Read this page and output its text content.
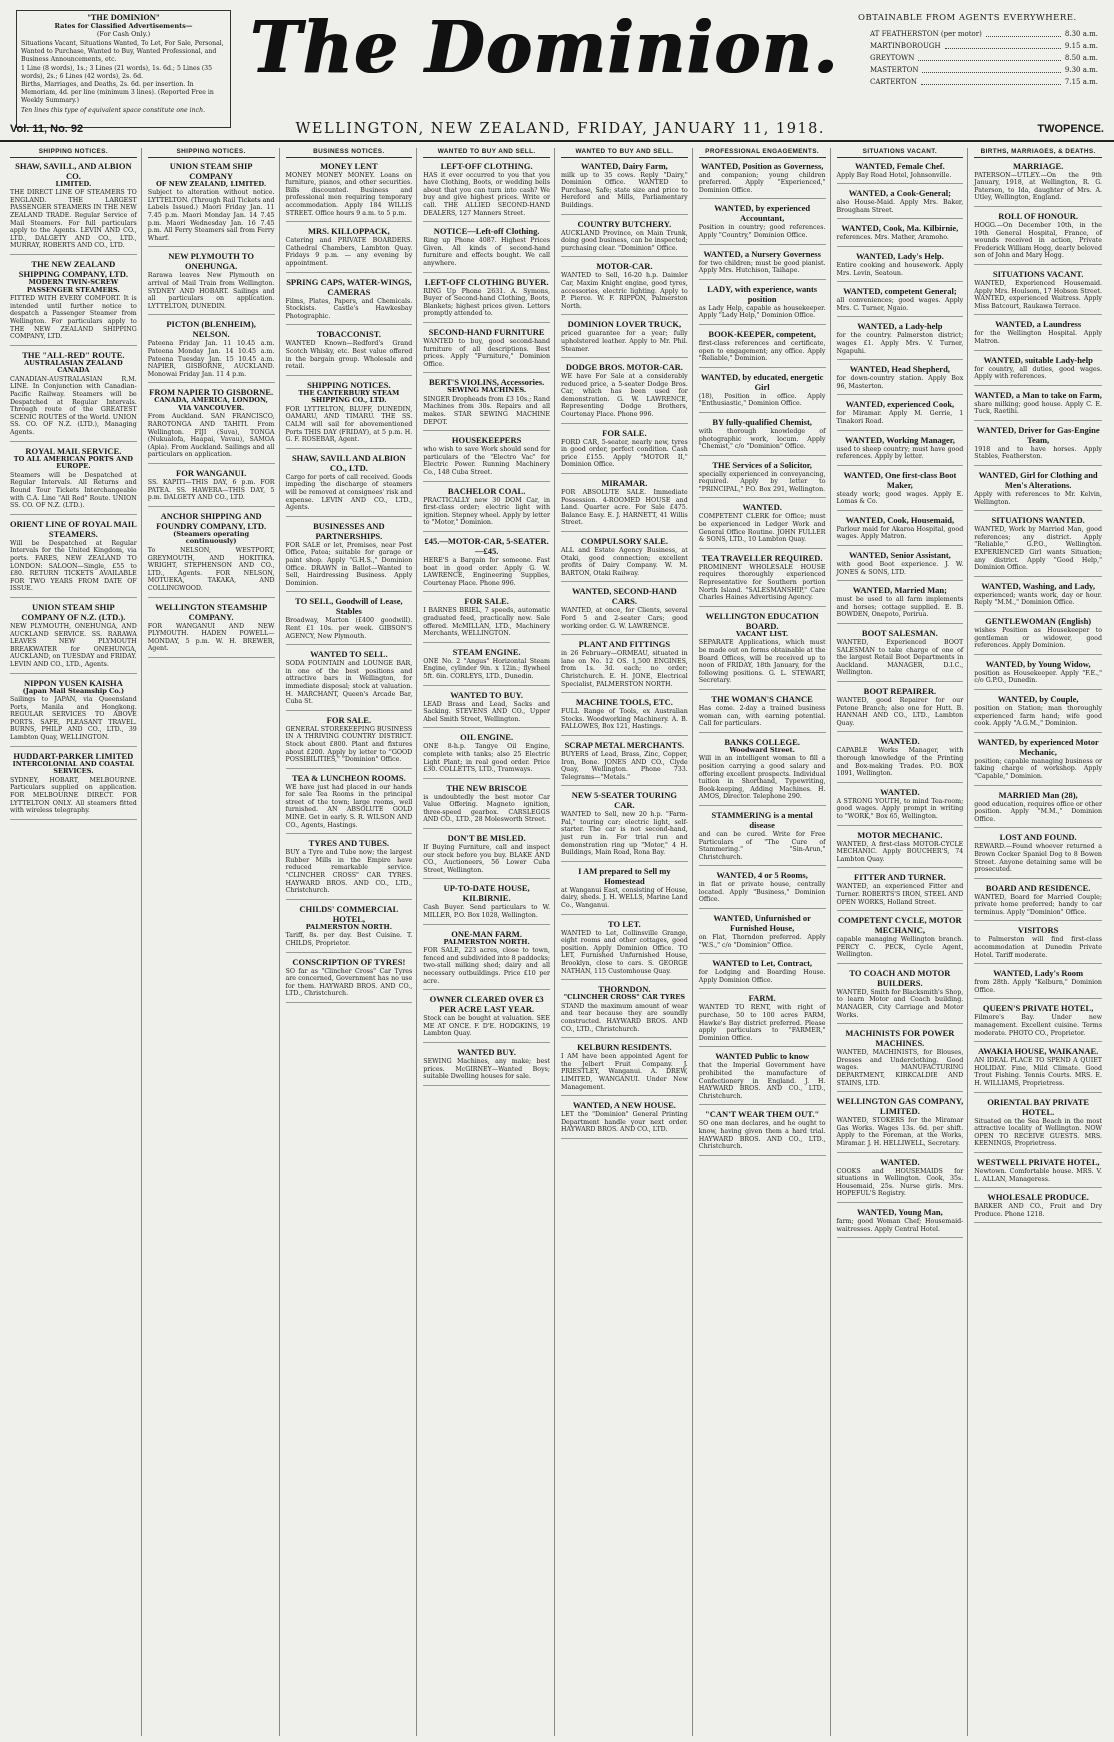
"THE DOMINION"
Rates for Classified Advertisements—
(For Cash Only.)

Situations Vacant, Situations Wanted, To Let, For Sale, Personal, Wanted to Purchase, Wanted to Buy, Wanted Professional, and Business Announcements, etc.

1 Line (8 words), 1s.; 3 Lines (21 words), 1s. 6d.; 5 Lines (35 words), 2s.; 6 Lines (42 words), 2s. 6d.

Births, Marriages, and Deaths, 2s. 6d. per insertion. In Memoriam, 4d. per line (minimum 3 lines). (Reported Free in Weekly Summary.)

Ten lines this type of equivalent space constitute one inch.

The Dominion.	OBTAINABLE FROM AGENTS EVERYWHERE.
AT FEATHERSTON (per motor)	8.30 a.m.
MARTINBOROUGH	9.15 a.m.
GREYTOWN	8.50 a.m.
MASTERTON	9.30 a.m.
CARTERTON	7.15 a.m.
Vol. 11, No. 92	WELLINGTON, NEW ZEALAND, FRIDAY, JANUARY 11, 1918.	TWOPENCE.
SHIPPING NOTICES.
SHAW, SAVILL, AND ALBION CO.
LIMITED.

THE DIRECT LINE OF STEAMERS TO ENGLAND. THE LARGEST PASSENGER STEAMERS IN THE NEW ZEALAND TRADE. Regular Service of Mail Steamers. For full particulars apply to the Agents. LEVIN AND CO., LTD., DALGETY AND CO., LTD., MURRAY, ROBERTS AND CO., LTD.

THE NEW ZEALAND SHIPPING COMPANY, LTD.
MODERN TWIN-SCREW PASSENGER STEAMERS.

FITTED WITH EVERY COMFORT. It is intended until further notice to despatch a Passenger Steamer from Wellington. For particulars apply to THE NEW ZEALAND SHIPPING COMPANY, LTD.

THE "ALL-RED" ROUTE.
AUSTRALASIAN ZEALAND CANADA

CANADIAN-AUSTRALASIAN R.M. LINE. In Conjunction with Canadian-Pacific Railway. Steamers will be Despatched at Regular Intervals. Through route of the GREATEST SCENIC ROUTES of the World. UNION SS. CO. OF N.Z. (LTD.), Managing Agents.

ROYAL MAIL SERVICE.
TO ALL AMERICAN PORTS AND EUROPE.

Steamers will be Despatched at Regular Intervals. All Returns and Round Tour Tickets Interchangeable with C.A. Line "All Red" Route. UNION SS. CO. OF N.Z. (LTD.).

ORIENT LINE OF ROYAL MAIL STEAMERS.

Will be Despatched at Regular Intervals for the United Kingdom, via ports. FARES, NEW ZEALAND TO LONDON: SALOON—Single, £55 to £80. RETURN TICKETS AVAILABLE FOR TWO YEARS FROM DATE OF ISSUE.

UNION STEAM SHIP COMPANY OF N.Z. (LTD.).

NEW PLYMOUTH, ONEHUNGA, AND AUCKLAND SERVICE. SS. RARAWA LEAVES NEW PLYMOUTH BREAKWATER for ONEHUNGA, AUCKLAND, on TUESDAY and FRIDAY. LEVIN AND CO., LTD., Agents.

NIPPON YUSEN KAISHA
(Japan Mail Steamship Co.)

Sailings to JAPAN, via Queensland Ports, Manila and Hongkong. REGULAR SERVICES TO ABOVE PORTS. SAFE, PLEASANT TRAVEL. BURNS, PHILP AND CO., LTD., 39 Lambton Quay, WELLINGTON.

HUDDART-PARKER LIMITED
INTERCOLONIAL AND COASTAL SERVICES.

SYDNEY, HOBART, MELBOURNE. Particulars supplied on application. FOR MELBOURNE DIRECT. FOR LYTTELTON ONLY. All steamers fitted with wireless telegraphy.

SHIPPING NOTICES.
UNION STEAM SHIP COMPANY
OF NEW ZEALAND, LIMITED.

Subject to alteration without notice. LYTTELTON. (Through Rail Tickets and Labels Issued.) Maori Friday Jan. 11 7.45 p.m. Maori Monday Jan. 14 7.45 p.m. Maori Wednesday Jan. 16 7.45 p.m. All Ferry Steamers sail from Ferry Wharf.

NEW PLYMOUTH TO ONEHUNGA.

Rarawa leaves New Plymouth on arrival of Mail Train from Wellington. SYDNEY AND HOBART. Sailings and all particulars on application. LYTTELTON, DUNEDIN.

PICTON (BLENHEIM), NELSON.

Pateena Friday Jan. 11 10.45 a.m. Pateena Monday Jan. 14 10.45 a.m. Pateena Tuesday Jan. 15 10.45 a.m. NAPIER, GISBORNE, AUCKLAND. Monowai Friday Jan. 11 4 p.m.

FROM NAPIER TO GISBORNE.
CANADA, AMERICA, LONDON, VIA VANCOUVER.

From Auckland. SAN FRANCISCO, RAROTONGA AND TAHITI. From Wellington. FIJI (Suva), TONGA (Nukualofa, Haapai, Vavau), SAMOA (Apia). From Auckland. Sailings and all particulars on application.

FOR WANGANUI.

SS. KAPITI—THIS DAY, 6 p.m. FOR PATEA. SS. HAWERA—THIS DAY, 5 p.m. DALGETY AND CO., LTD.

ANCHOR SHIPPING AND FOUNDRY COMPANY, LTD.
(Steamers operating continuously)

To NELSON, WESTPORT, GREYMOUTH, AND HOKITIKA. WRIGHT, STEPHENSON AND CO., LTD., Agents. FOR NELSON, MOTUEKA, TAKAKA, AND COLLINGWOOD.

WELLINGTON STEAMSHIP COMPANY.

FOR WANGANUI AND NEW PLYMOUTH. HADEN POWELL—MONDAY, 5 p.m. W. H. BREWER, Agent.

BUSINESS NOTICES.
MONEY LENT

MONEY MONEY MONEY. Loans on furniture, pianos, and other securities. Bills discounted. Business and professional men requiring temporary accommodation. Apply 184 WILLIS STREET. Office hours 9 a.m. to 5 p.m.

MRS. KILLOPPACK,

Catering and PRIVATE BOARDERS. Cathedral Chambers, Lambton Quay. Fridays 9 p.m. — any evening by appointment.

SPRING CAPS, WATER-WINGS, CAMERAS

Films, Plates, Papers, and Chemicals. Stockists. Castle's Hawkesbay Photographic.

TOBACCONIST.

WANTED Known—Redford's Grand Scotch Whisky, etc. Best value offered in the bargain group. Wholesale and retail.

SHIPPING NOTICES.
THE CANTERBURY STEAM SHIPPING CO., LTD.

FOR LYTTELTON, BLUFF, DUNEDIN, OAMARU, AND TIMARU. THE SS. CALM will sail for abovementioned Ports THIS DAY (FRIDAY), at 5 p.m. H. G. F. ROSEBAR, Agent.

SHAW, SAVILL AND ALBION CO., LTD.

Cargo for ports of call received. Goods impeding the discharge of steamers will be removed at consignees' risk and expense. LEVIN AND CO., LTD., Agents.

BUSINESSES AND PARTNERSHIPS.

FOR SALE or let, Premises, near Post Office, Patea; suitable for garage or paint shop. Apply "G.H.S.," Dominion Office. DRAWN in Ballot—Wanted to Sell, Hairdressing Business. Apply Dominion.

TO SELL, Goodwill of Lease, Stables

Broadway, Marton (£400 goodwill). Rent £1 10s. per week. GIBSON'S AGENCY, New Plymouth.

WANTED TO SELL.

SODA FOUNTAIN and LOUNGE BAR, in one of the best positions and attractive bars in Wellington, for immediate disposal; stock at valuation. H. MARCHANT, Queen's Arcade Bar, Cuba St.

FOR SALE.

GENERAL STOREKEEPING BUSINESS IN A THRIVING COUNTRY DISTRICT. Stock about £800. Plant and fixtures about £200. Apply by letter to "GOOD POSSIBILITIES," "Dominion" Office.

TEA & LUNCHEON ROOMS.

WE have just had placed in our hands for sale Tea Rooms in the principal street of the town; large rooms, well furnished. AN ABSOLUTE GOLD MINE. Get in early. S. R. WILSON AND CO., Agents, Hastings.

TYRES AND TUBES.

BUY a Tyre and Tube now; the largest Rubber Mills in the Empire have reduced remarkable service. "CLINCHER CROSS" CAR TYRES. HAYWARD BROS. AND CO., LTD., Christchurch.

CHILDS' COMMERCIAL HOTEL,
PALMERSTON NORTH.

Tariff, 8s. per day. Best Cuisine. T. CHILDS, Proprietor.

CONSCRIPTION OF TYRES!

SO far as "Clincher Cross" Car Tyres are concerned, Government has no use for them. HAYWARD BROS. AND CO., LTD., Christchurch.

WANTED TO BUY AND SELL.
LEFT-OFF CLOTHING.

HAS it ever occurred to you that you have Clothing, Boots, or wedding bells about that you can turn into cash? We buy and give highest prices. Write or call. THE ALLIED SECOND-HAND DEALERS, 127 Manners Street.

NOTICE—Left-off Clothing.

Ring up Phone 4087. Highest Prices Given. All kinds of second-hand furniture and effects bought. We call anywhere.

LEFT-OFF CLOTHING BUYER.

RING Up Phone 2631. A. Symons, Buyer of Second-hand Clothing, Boots, Blankets; highest prices given. Letters promptly attended to.

SECOND-HAND FURNITURE

WANTED to buy, good second-hand furniture of all descriptions. Best prices. Apply "Furniture," Dominion Office.

BERT'S VIOLINS, Accessories.
SEWING MACHINES.

SINGER Dropheads from £3 10s.; Rand Machines from 30s. Repairs and all makes. STAR SEWING MACHINE DEPOT.

HOUSEKEEPERS

who wish to save Work should send for particulars of the "Electro Vac" for Electric Power. Running Machinery Co., 148 Cuba Street.

BACHELOR COAL.

PRACTICALLY new 30 DOM Car, in first-class order; electric light with ignition. Stepney wheel. Apply by letter to "Motor," Dominion.

£45.—MOTOR-CAR, 5-SEATER.—£45.

HERE'S a Bargain for someone. Fast boat in good order. Apply G. W. LAWRENCE, Engineering Supplies, Courtenay Place. Phone 996.

FOR SALE.

I BARNES BRIEL, 7 speeds, automatic graduated feed, practically new. Sale offered. McMILLAN, LTD., Machinery Merchants, WELLINGTON.

STEAM ENGINE.

ONE No. 2 "Angus" Horizontal Steam Engine, cylinder 9in. x 12in.; flywheel 5ft. 6in. CORLEYS, LTD., Dunedin.

WANTED TO BUY.

LEAD Brass and Lead, Sacks and Sacking. STEVENS AND CO., Upper Abel Smith Street, Wellington.

OIL ENGINE.

ONE 8-h.p. Tangye Oil Engine, complete with tanks; also 25 Electric Light Plant; in real good order. Price £30. COLLETTS, LTD., Tramways.

THE NEW BRISCOE

is undoubtedly the best motor Car Value Offering. Magneto ignition, three-speed gearbox. CARSLEGGS AND CO., LTD., 28 Molesworth Street.

DON'T BE MISLED.

If Buying Furniture, call and inspect our stock before you buy. BLAKE AND CO., Auctioneers, 56 Lower Cuba Street, Wellington.

UP-TO-DATE HOUSE, KILBIRNIE.

Cash Buyer. Send particulars to W. MILLER, P.O. Box 1028, Wellington.

ONE-MAN FARM.
PALMERSTON NORTH.

FOR SALE, 223 acres, close to town, fenced and subdivided into 8 paddocks; two-stall milking shed; dairy and all necessary outbuildings. Price £10 per acre.

OWNER CLEARED OVER £3 PER ACRE LAST YEAR.

Stock can be bought at valuation. SEE ME AT ONCE. F. D'E. HODGKINS, 19 Lambton Quay.

WANTED BUY.

SEWING Machines, any make; best prices. McGIRNEY—Wanted Boys; suitable Dwelling houses for sale.

WANTED TO BUY AND SELL.
WANTED, Dairy Farm,

milk up to 35 cows. Reply "Dairy," Dominion Office. WANTED to Purchase, Safe; state size and price to Hereford and Mills, Parliamentary Buildings.

COUNTRY BUTCHERY.

AUCKLAND Province, on Main Trunk, doing good business, can be inspected; purchasing clear. "Dominion" Office.

MOTOR-CAR.

WANTED to Sell, 16-20 h.p. Daimler Car, Maxim Knight engine, good tyres, accessories, electric lighting. Apply to P. Pierce. W. F. RIPPON, Palmerston North.

DOMINION LOVER TRUCK,

priced guarantee for a year; fully upholstered leather. Apply to Mr. Phil. Steamer.

DODGE BROS. MOTOR-CAR.

WE have For Sale at a considerably reduced price, a 5-seater Dodge Bros. Car, which has been used for demonstration. G. W. LAWRENCE, Representing Dodge Brothers, Courtenay Place. Phone 996.

FOR SALE.

FORD CAR, 5-seater, nearly new, tyres in good order, perfect condition. Cash price £155. Apply "MOTOR II," Dominion Office.

MIRAMAR.

FOR ABSOLUTE SALE. Immediate Possession. 4-ROOMED HOUSE and Land. Quarter acre. For Sale £475. Balance Easy. E. J. HARNETT, 41 Willis Street.

COMPULSORY SALE.

ALL and Estate Agency Business, at Otaki, good connection; excellent profits of Dairy Company. W. M. BARTON, Otaki Railway.

WANTED, SECOND-HAND CARS.

WANTED, at once, for Clients, several Ford 5 and 2-seater Cars; good working order. G. W. LAWRENCE.

PLANT AND FITTINGS

in 26 February—ORMEAU, situated in lane on No. 12 OS. 1,500 ENGINES, from 1s. 3d. each; no order; Christchurch. E. H. JONE, Electrical Specialist, PALMERSTON NORTH.

MACHINE TOOLS, ETC.

FULL Range of Tools, ex Australian Stocks. Woodworking Machinery. A. B. FALLOWES, Box 121, Hastings.

SCRAP METAL MERCHANTS.

BUYERS of Lead, Brass, Zinc, Copper, Iron, Bone. JONES AND CO., Clyde Quay, Wellington. Phone 733. Telegrams—"Metals."

NEW 5-SEATER TOURING CAR.

WANTED to Sell, new 20 h.p. "Farm-Pal," touring car; electric light, self-starter. The car is not second-hand, just run in. For trial run and demonstration ring up "Motor," 4 H. Buildings, Main Road, Rona Bay.

I AM prepared to Sell my Homestead

at Wanganui East, consisting of House, dairy, sheds. J. H. WELLS, Marine Land Co., Wanganui.

TO LET.

WANTED to Let, Collinsville Grange, eight rooms and other cottages, good position. Apply Dominion Office. TO LET, Furnished Unfurnished House, Brooklyn, close to cars. S. GEORGE NATHAN, 115 Customhouse Quay.

THORNDON.
"CLINCHER CROSS" CAR TYRES

STAND the maximum amount of wear and tear because they are soundly constructed. HAYWARD BROS. AND CO., LTD., Christchurch.

KELBURN RESIDENTS.

I AM have been appointed Agent for the Jelbert Fruit Company. J. PRIESTLEY, Wanganui. A. DREW, LIMITED, WANGANUI. Under New Management.

WANTED, A NEW HOUSE.

LET the "Dominion" General Printing Department handle your next order. HAYWARD BROS. AND CO., LTD.

PROFESSIONAL ENGAGEMENTS.
WANTED, Position as Governess,

and companion; young children preferred. Apply "Experienced," Dominion Office.

WANTED, by experienced Accountant,

Position in country; good references. Apply "Country," Dominion Office.

WANTED, a Nursery Governess

for two children; must be good pianist. Apply Mrs. Hutchison, Taihape.

LADY, with experience, wants position

as Lady Help, capable as housekeeper. Apply "Lady Help," Dominion Office.

BOOK-KEEPER, competent,

first-class references and certificate, open to engagement; any office. Apply "Reliable," Dominion.

WANTED, by educated, energetic Girl

(18), Position in office. Apply "Enthusiastic," Dominion Office.

BY fully-qualified Chemist,

with thorough knowledge of photographic work, locum. Apply "Chemist," c/o "Dominion" Office.

THE Services of a Solicitor,

specially experienced in conveyancing, required. Apply by letter to "PRINCIPAL," P.O. Box 291, Wellington.

WANTED.

COMPETENT CLERK for Office; must be experienced in Ledger Work and General Office Routine. JOHN FULLER & SONS, LTD., 10 Lambton Quay.

TEA TRAVELLER REQUIRED.

PROMINENT WHOLESALE HOUSE requires thoroughly experienced Representative for Southern portion North Island. "SALESMANSHIP," Care Charles Haines Advertising Agency.

WELLINGTON EDUCATION BOARD.
VACANT LIST.

SEPARATE Applications, which must be made out on forms obtainable at the Board Offices, will be received up to noon of FRIDAY, 18th January, for the following positions. G. L. STEWART, Secretary.

THE WOMAN'S CHANCE

Has come. 2-day a trained business woman can, with earning potential. Call for particulars.

BANKS COLLEGE.
Woodward Street.

Will in an intelligent woman to fill a position carrying a good salary and offering excellent prospects. Individual tuition in Shorthand, Typewriting, Book-keeping, Adding Machines. H. AMOS, Director. Telephone 290.

STAMMERING is a mental disease

and can be cured. Write for Free Particulars of "The Cure of Stammering." "Sin-Arun," Christchurch.

WANTED, 4 or 5 Rooms,

in flat or private house, centrally located. Apply "Business," Dominion Office.

WANTED, Unfurnished or Furnished House,

on Flat, Thorndon preferred. Apply "W.S.," c/o "Dominion" Office.

WANTED to Let, Contract,

for Lodging and Boarding House. Apply Dominion Office.

FARM.

WANTED TO RENT, with right of purchase, 50 to 100 acres FARM, Hawke's Bay district preferred. Please apply particulars to "FARMER," Dominion Office.

WANTED Public to know

that the Imperial Government have prohibited the manufacture of Confectionery in England. J. H. HAYWARD BROS. AND CO., LTD., Christchurch.

"CAN'T WEAR THEM OUT."

SO one man declares, and he ought to know, having given them a hard trial. HAYWARD BROS. AND CO., LTD., Christchurch.

SITUATIONS VACANT.
WANTED, Female Chef.

Apply Bay Road Hotel, Johnsonville.

WANTED, a Cook-General;

also House-Maid. Apply Mrs. Baker, Brougham Street.

WANTED, Cook, Ma. Kilbirnie,

references. Mrs. Mather, Aramoho.

WANTED, Lady's Help.

Entire cooking and housework. Apply Mrs. Levin, Seatoun.

WANTED, competent General;

all conveniences; good wages. Apply Mrs. C. Turner, Ngaio.

WANTED, a Lady-help

for the country. Palmerston district; wages £1. Apply Mrs. V. Turner, Ngapuhi.

WANTED, Head Shepherd,

for down-country station. Apply Box 96, Masterton.

WANTED, experienced Cook,

for Miramar. Apply M. Gerrie, 1 Tinakori Road.

WANTED, Working Manager,

used to sheep country; must have good references. Apply by letter.

WANTED, One first-class Boot Maker,

steady work; good wages. Apply E. Lomas & Co.

WANTED, Cook, Housemaid,

Parlour maid for Akaroa Hospital, good wages. Apply Matron.

WANTED, Senior Assistant,

with good Boot experience. J. W. JONES & SONS, LTD.

WANTED, Married Man;

must be used to all farm implements and horses; cottage supplied. E. B. BOWDEN, Onepoto, Porirua.

BOOT SALESMAN.

WANTED, Experienced BOOT SALESMAN to take charge of one of the largest Retail Boot Departments in Auckland. MANAGER, D.I.C., Wellington.

BOOT REPAIRER.

WANTED, good Repairer for our Petone Branch; also one for Hutt. B. HANNAH AND CO., LTD., Lambton Quay.

WANTED.

CAPABLE Works Manager, with thorough knowledge of the Printing and Box-making Trades. P.O. BOX 1091, Wellington.

WANTED.

A STRONG YOUTH, to mind Tea-room; good wages. Apply prompt in writing to "WORK," Box 65, Wellington.

MOTOR MECHANIC.

WANTED, A first-class MOTOR-CYCLE MECHANIC. Apply BOUCHER'S, 74 Lambton Quay.

FITTER AND TURNER.

WANTED, an experienced Fitter and Turner. ROBERTS'S IRON, STEEL AND OPEN WORKS, Holland Street.

COMPETENT CYCLE, MOTOR MECHANIC,

capable managing Wellington branch. PERCY C. PECK, Cycle Agent, Wellington.

TO COACH AND MOTOR BUILDERS.

WANTED, Smith for Blacksmith's Shop, to learn Motor and Coach building. MANAGER, City Carriage and Motor Works.

MACHINISTS FOR POWER MACHINES.

WANTED, MACHINISTS, for Blouses, Dresses and Underclothing. Good wages. MANUFACTURING DEPARTMENT, KIRKCALDIE AND STAINS, LTD.

WELLINGTON GAS COMPANY, LIMITED.

WANTED, STOKERS for the Miramar Gas Works. Wages 13s. 6d. per shift. Apply to the Foreman, at the Works, Miramar. J. H. HELLIWELL, Secretary.

WANTED.

COOKS and HOUSEMAIDS for situations in Wellington. Cook, 35s. Housemaid, 25s. Nurse girls. Mrs. HOPEFUL'S Registry.

WANTED, Young Man,

farm; good Woman Chef; Housemaid-waitresses. Apply Central Hotel.

BIRTHS, MARRIAGES, & DEATHS.
MARRIAGE.

PATERSON—UTLEY.—On the 9th January, 1918, at Wellington, R. G. Paterson, to Ida, daughter of Mrs. A. Utley, Wellington, England.

ROLL OF HONOUR.

HOGG.—On December 10th, in the 19th General Hospital, France, of wounds received in action, Private Frederick William Hogg, dearly beloved son of John and Mary Hogg.

SITUATIONS VACANT.

WANTED, Experienced Housemaid. Apply Mrs. Houlsom, 17 Hobson Street. WANTED, experienced Waitress. Apply Miss Batcourt, Raukawa Terrace.

WANTED, a Laundress

for the Wellington Hospital. Apply Matron.

WANTED, suitable Lady-help

for country, all duties, good wages. Apply with references.

WANTED, a Man to take on Farm,

share milking; good house. Apply C. E. Tuck, Raetihi.

WANTED, Driver for Gas-Engine Team,

1918 and to have horses. Apply Stables, Featherston.

WANTED, Girl for Clothing and Men's Alterations.

Apply with references to Mr. Kelvin, Wellington.

SITUATIONS WANTED.

WANTED, Work by Married Man, good references; any district. Apply "Reliable," G.P.O., Wellington. EXPERIENCED Girl wants Situation; any district. Apply "Good Help," Dominion Office.

WANTED, Washing, and Lady,

experienced; wants work, day or hour. Reply "M.M.," Dominion Office.

GENTLEWOMAN (English)

wishes Position as Housekeeper to gentleman or widower, good references. Apply Dominion.

WANTED, by Young Widow,

position as Housekeeper. Apply "F.E.," c/o G.P.O., Dunedin.

WANTED, by Couple,

position on Station; man thoroughly experienced farm hand; wife good cook. Apply "A.G.M.," Dominion.

WANTED, by experienced Motor Mechanic,

position; capable managing business or taking charge of workshop. Apply "Capable," Dominion.

MARRIED Man (28),

good education, requires office or other position. Apply "M.M.," Dominion Office.

LOST AND FOUND.

REWARD.—Found whoever returned a Brown Cocker Spaniel Dog to 8 Bowen Street. Anyone detaining same will be prosecuted.

BOARD AND RESIDENCE.

WANTED, Board for Married Couple; private home preferred; handy to car terminus. Apply "Dominion" Office.

VISITORS

to Palmerston will find first-class accommodation at Dunedin Private Hotel. Tariff moderate.

WANTED, Lady's Room

from 28th. Apply "Kelburn," Dominion Office.

QUEEN'S PRIVATE HOTEL,

Filmore's Bay. Under new management. Excellent cuisine. Terms moderate. PHOTO CO., Proprietor.

AWAKIA HOUSE, WAIKANAE.

AN IDEAL PLACE TO SPEND A QUIET HOLIDAY. Fine, Mild Climate. Good Trout Fishing. Tennis Courts. MRS. E. H. WILLIAMS, Proprietress.

ORIENTAL BAY PRIVATE HOTEL.

Situated on the Sea Beach in the most attractive locality of Wellington. NOW OPEN TO RECEIVE GUESTS. MRS. KEENINGS, Proprietress.

WESTWELL PRIVATE HOTEL,

Newtown. Comfortable house. MRS. V. L. ALLAN, Manageress.

WHOLESALE PRODUCE.

BARKER AND CO., Fruit and Dry Produce. Phone 1218.
